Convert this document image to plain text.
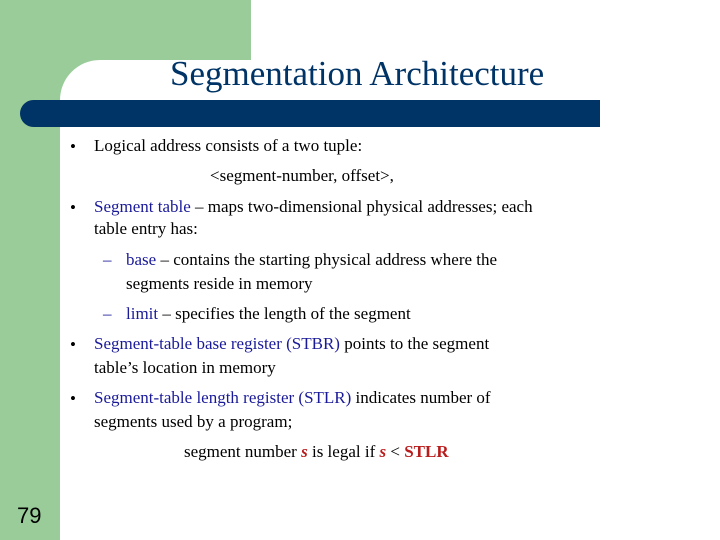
Segmentation Architecture
• Logical address consists of a two tuple:
<segment-number, offset>,
• Segment table – maps two-dimensional physical addresses; each
table entry has:
– base – contains the starting physical address where the
segments reside in memory
– limit – specifies the length of the segment
• Segment-table base register (STBR) points to the segment
table’s location in memory
• Segment-table length register (STLR) indicates number of
segments used by a program;
segment number s is legal if s < STLR
79
